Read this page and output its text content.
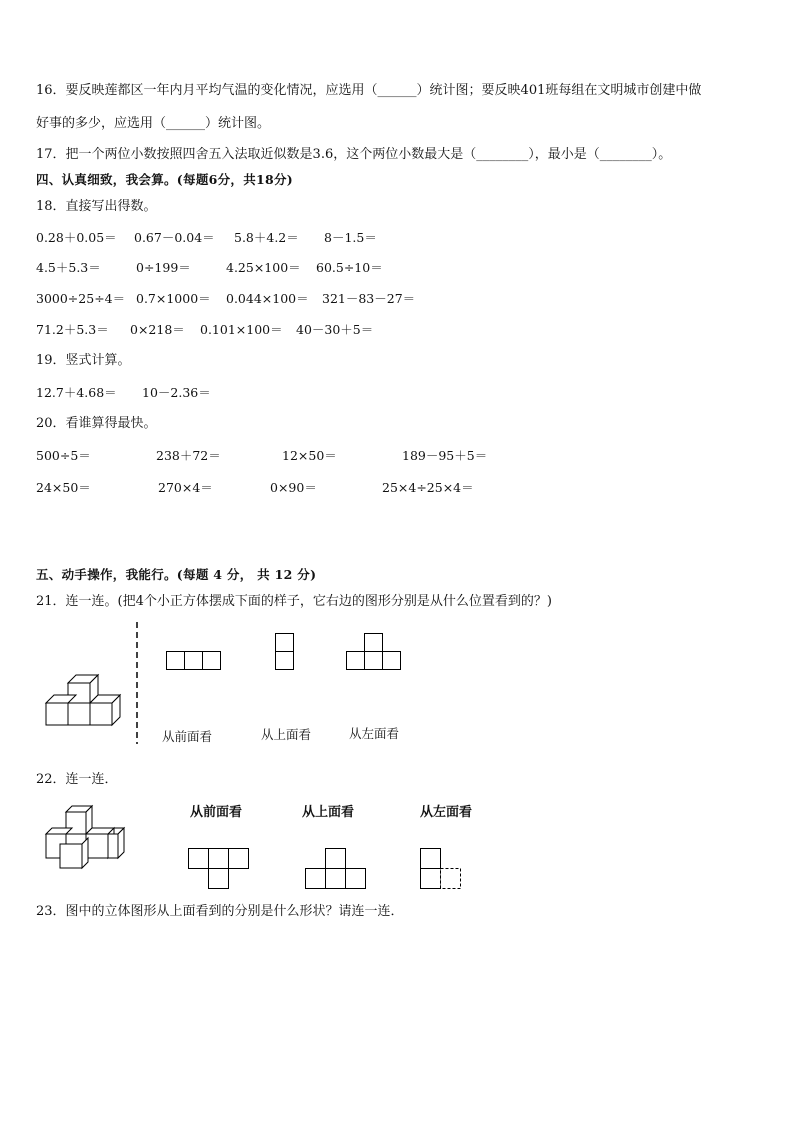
16．要反映莲都区一年内月平均气温的变化情况，应选用（______）统计图；要反映401班每组在文明城市创建中做
好事的多少，应选用（______）统计图。
17．把一个两位小数按照四舍五入法取近似数是3.6，这个两位小数最大是（________），最小是（________）。
四、认真细致，我会算。(每题6分，共18分)
18．直接写出得数。
0.28＋0.05＝ 0.67－0.04＝ 5.8＋4.2＝ 8－1.5＝
4.5＋5.3＝	0÷199＝	4.25×100＝ 60.5÷10＝
3000÷25÷4＝ 0.7×1000＝ 0.044×100＝ 321－83－27＝
71.2＋5.3＝ 0×218＝ 0.101×100＝ 40－30＋5＝
19．竖式计算。
12.7＋4.68＝ 10－2.36＝
20．看谁算得最快。
500÷5＝	238＋72＝	12×50＝	189－95＋5＝
24×50＝	270×4＝	0×90＝	25×4÷25×4＝
五、动手操作，我能行。(每题 4 分， 共 12 分)
21．连一连。(把4个小正方体摆成下面的样子，它右边的图形分别是从什么位置看到的？)
从前面看	从上面看	从左面看
22．连一连．
从前面看	从上面看	从左面看
23．图中的立体图形从上面看到的分别是什么形状？请连一连．
